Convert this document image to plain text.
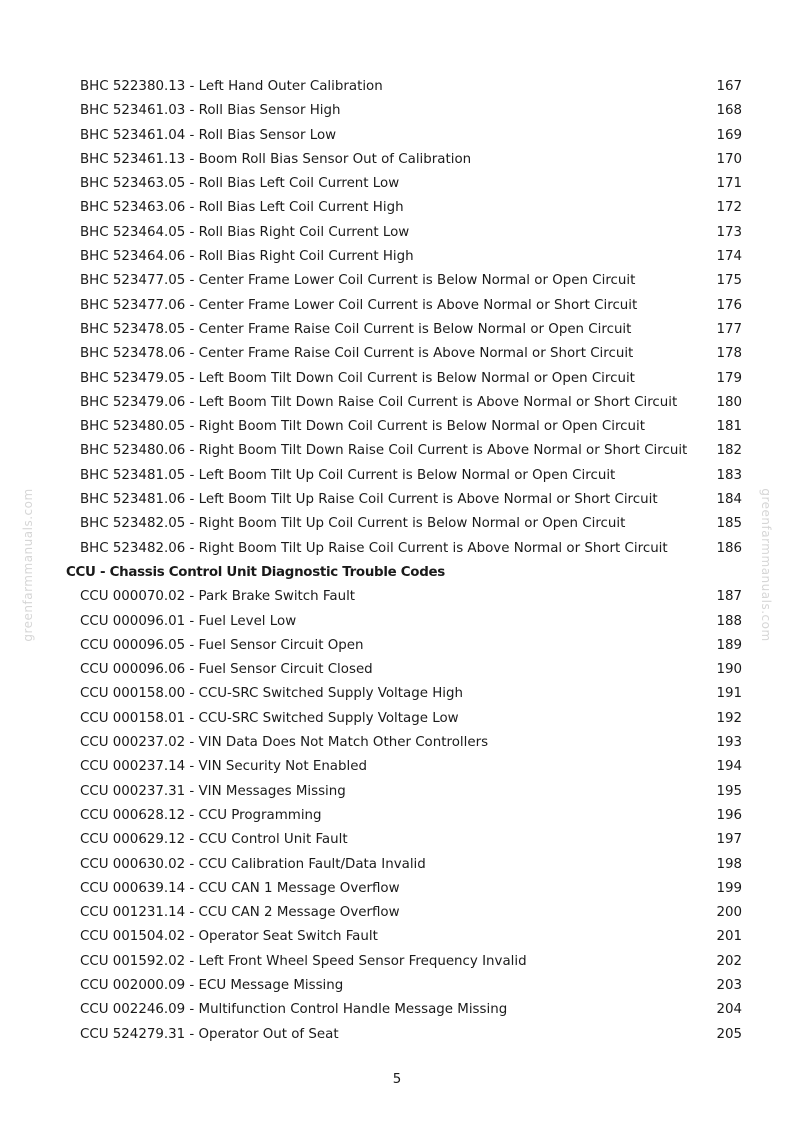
greenfarmmanuals.com	greenfarmmanuals.com
BHC 522380.13 - Left Hand Outer Calibration	167
BHC 523461.03 - Roll Bias Sensor High	168
BHC 523461.04 - Roll Bias Sensor Low	169
BHC 523461.13 - Boom Roll Bias Sensor Out of Calibration	170
BHC 523463.05 - Roll Bias Left Coil Current Low	171
BHC 523463.06 - Roll Bias Left Coil Current High	172
BHC 523464.05 - Roll Bias Right Coil Current Low	173
BHC 523464.06 - Roll Bias Right Coil Current High	174
BHC 523477.05 - Center Frame Lower Coil Current is Below Normal or Open Circuit	175
BHC 523477.06 - Center Frame Lower Coil Current is Above Normal or Short Circuit	176
BHC 523478.05 - Center Frame Raise Coil Current is Below Normal or Open Circuit	177
BHC 523478.06 - Center Frame Raise Coil Current is Above Normal or Short Circuit	178
BHC 523479.05 - Left Boom Tilt Down Coil Current is Below Normal or Open Circuit	179
BHC 523479.06 - Left Boom Tilt Down Raise Coil Current is Above Normal or Short Circuit	180
BHC 523480.05 - Right Boom Tilt Down Coil Current is Below Normal or Open Circuit	181
BHC 523480.06 - Right Boom Tilt Down Raise Coil Current is Above Normal or Short Circuit 182
BHC 523481.05 - Left Boom Tilt Up Coil Current is Below Normal or Open Circuit	183
BHC 523481.06 - Left Boom Tilt Up Raise Coil Current is Above Normal or Short Circuit	184
BHC 523482.05 - Right Boom Tilt Up Coil Current is Below Normal or Open Circuit	185
BHC 523482.06 - Right Boom Tilt Up Raise Coil Current is Above Normal or Short Circuit	186
CCU - Chassis Control Unit Diagnostic Trouble Codes
CCU 000070.02 - Park Brake Switch Fault	187
CCU 000096.01 - Fuel Level Low	188
CCU 000096.05 - Fuel Sensor Circuit Open	189
CCU 000096.06 - Fuel Sensor Circuit Closed	190
CCU 000158.00 - CCU-SRC Switched Supply Voltage High	191
CCU 000158.01 - CCU-SRC Switched Supply Voltage Low	192
CCU 000237.02 - VIN Data Does Not Match Other Controllers	193
CCU 000237.14 - VIN Security Not Enabled	194
CCU 000237.31 - VIN Messages Missing	195
CCU 000628.12 - CCU Programming	196
CCU 000629.12 - CCU Control Unit Fault	197
CCU 000630.02 - CCU Calibration Fault/Data Invalid	198
CCU 000639.14 - CCU CAN 1 Message Overflow	199
CCU 001231.14 - CCU CAN 2 Message Overflow	200
CCU 001504.02 - Operator Seat Switch Fault	201
CCU 001592.02 - Left Front Wheel Speed Sensor Frequency Invalid	202
CCU 002000.09 - ECU Message Missing	203
CCU 002246.09 - Multifunction Control Handle Message Missing	204
CCU 524279.31 - Operator Out of Seat	205
5
